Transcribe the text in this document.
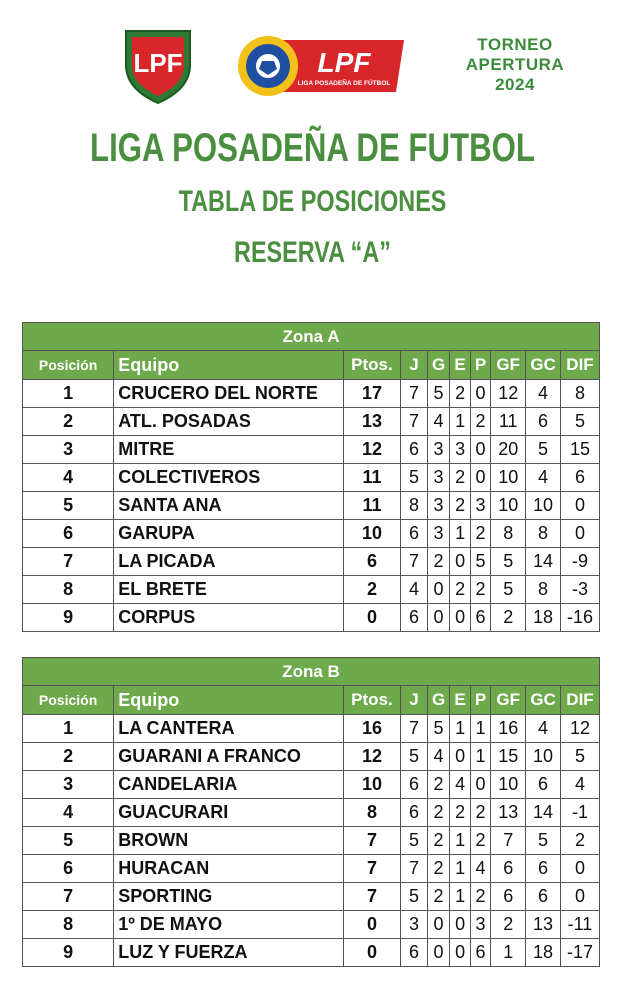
LPF	LPF
LIGA POSADEÑA DE FÚTBOL
TORNEO
APERTURA
2024
LIGA POSADEÑA DE FUTBOL
TABLA DE POSICIONES
RESERVA “A”
Zona A									
Posición	Equipo	Ptos.	J	G	E	P	GF	GC	DIF
1	CRUCERO DEL NORTE	17	7	5	2	0	12	4	8
2	ATL. POSADAS	13	7	4	1	2	11	6	5
3	MITRE	12	6	3	3	0	20	5	15
4	COLECTIVEROS	11	5	3	2	0	10	4	6
5	SANTA ANA	11	8	3	2	3	10	10	0
6	GARUPA	10	6	3	1	2	8	8	0
7	LA PICADA	6	7	2	0	5	5	14	-9
8	EL BRETE	2	4	0	2	2	5	8	-3
9	CORPUS	0	6	0	0	6	2	18	-16
Zona B									
Posición	Equipo	Ptos.	J	G	E	P	GF	GC	DIF
1	LA CANTERA	16	7	5	1	1	16	4	12
2	GUARANI A FRANCO	12	5	4	0	1	15	10	5
3	CANDELARIA	10	6	2	4	0	10	6	4
4	GUACURARI	8	6	2	2	2	13	14	-1
5	BROWN	7	5	2	1	2	7	5	2
6	HURACAN	7	7	2	1	4	6	6	0
7	SPORTING	7	5	2	1	2	6	6	0
8	1º DE MAYO	0	3	0	0	3	2	13	-11
9	LUZ Y FUERZA	0	6	0	0	6	1	18	-17
